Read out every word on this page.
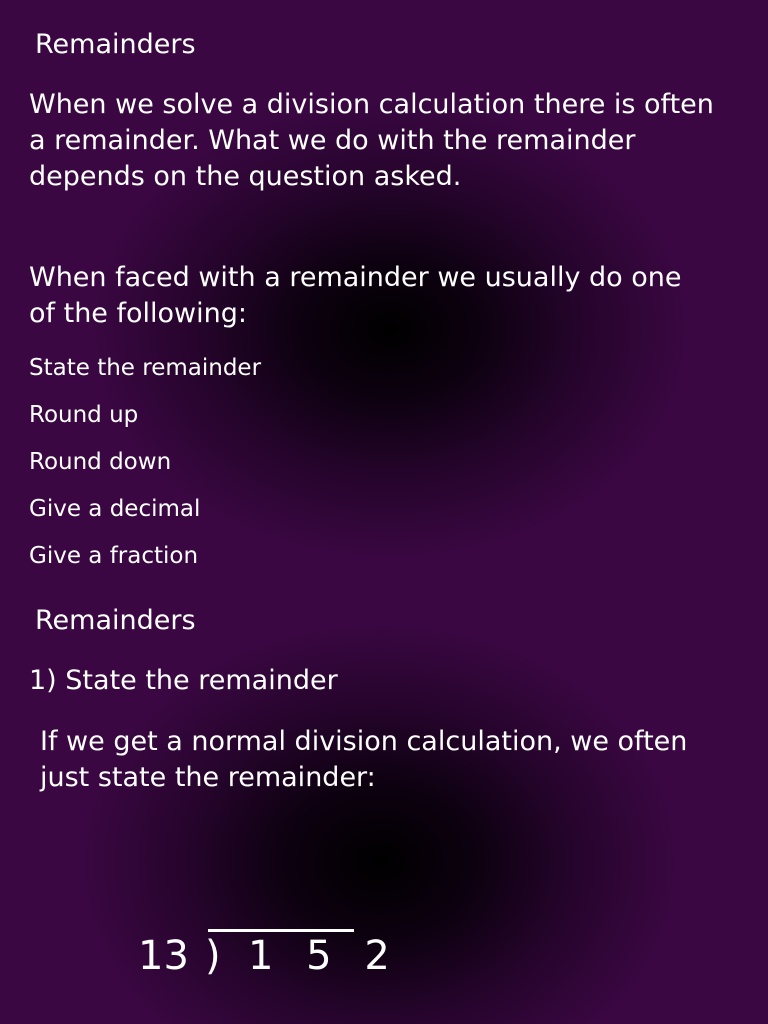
Remainders

When we solve a division calculation there is often a remainder. What we do with the remainder depends on the question asked.

When faced with a remainder we usually do one of the following:

State the remainder
Round up
Round down
Give a decimal
Give a fraction
Remainders
1) State the remainder

If we get a normal division calculation, we often just state the remainder:

13 ) 1 5 2
